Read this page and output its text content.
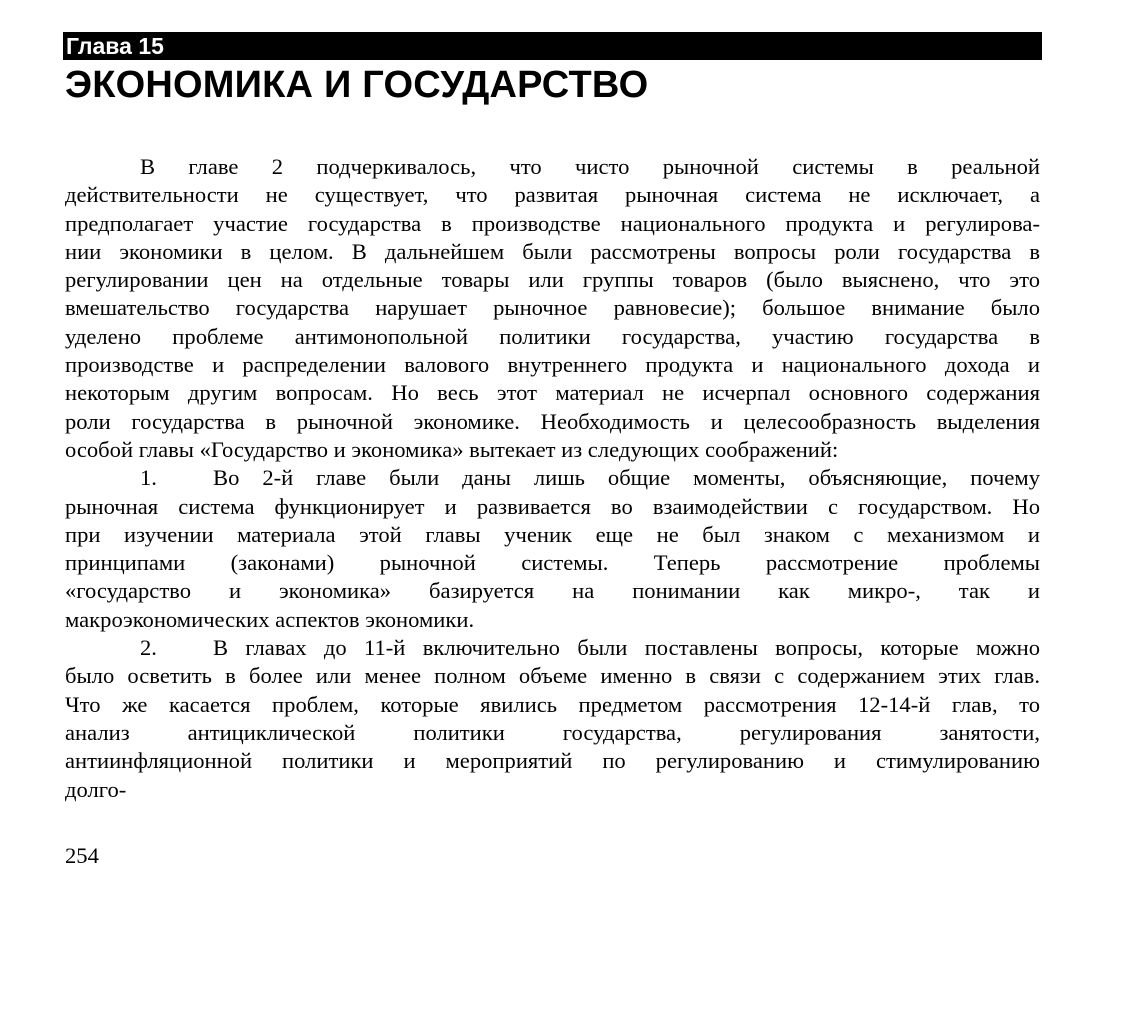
Глава 15
ЭКОНОМИКА И ГОСУДАРСТВО
В главе 2 подчеркивалось, что чисто рыночной системы в реальной
действительности не существует, что развитая рыночная система не исключает, а
предполагает участие государства в производстве национального продукта и регулирова-
нии экономики в целом. В дальнейшем были рассмотрены вопросы роли государства в
регулировании цен на отдельные товары или группы товаров (было выяснено, что это
вмешательство государства нарушает рыночное равновесие); большое внимание было
уделено проблеме антимонопольной политики государства, участию государства в
производстве и распределении валового внутреннего продукта и национального дохода и
некоторым другим вопросам. Но весь этот материал не исчерпал основного содержания
роли государства в рыночной экономике. Необходимость и целесообразность выделения
особой главы «Государство и экономика» вытекает из следующих соображений:
1. Во 2-й главе были даны лишь общие моменты, объясняющие, почему
рыночная система функционирует и развивается во взаимодействии с государством. Но
при изучении материала этой главы ученик еще не был знаком с механизмом и
принципами (законами) рыночной системы. Теперь рассмотрение проблемы
«государство и экономика» базируется на понимании как микро-, так и
макроэкономических аспектов экономики.
2. В главах до 11-й включительно были поставлены вопросы, которые можно
было осветить в более или менее полном объеме именно в связи с содержанием этих глав.
Что же касается проблем, которые явились предметом рассмотрения 12-14-й глав, то
анализ антициклической политики государства, регулирования занятости,
антиинфляционной политики и мероприятий по регулированию и стимулированию
долго-
254
